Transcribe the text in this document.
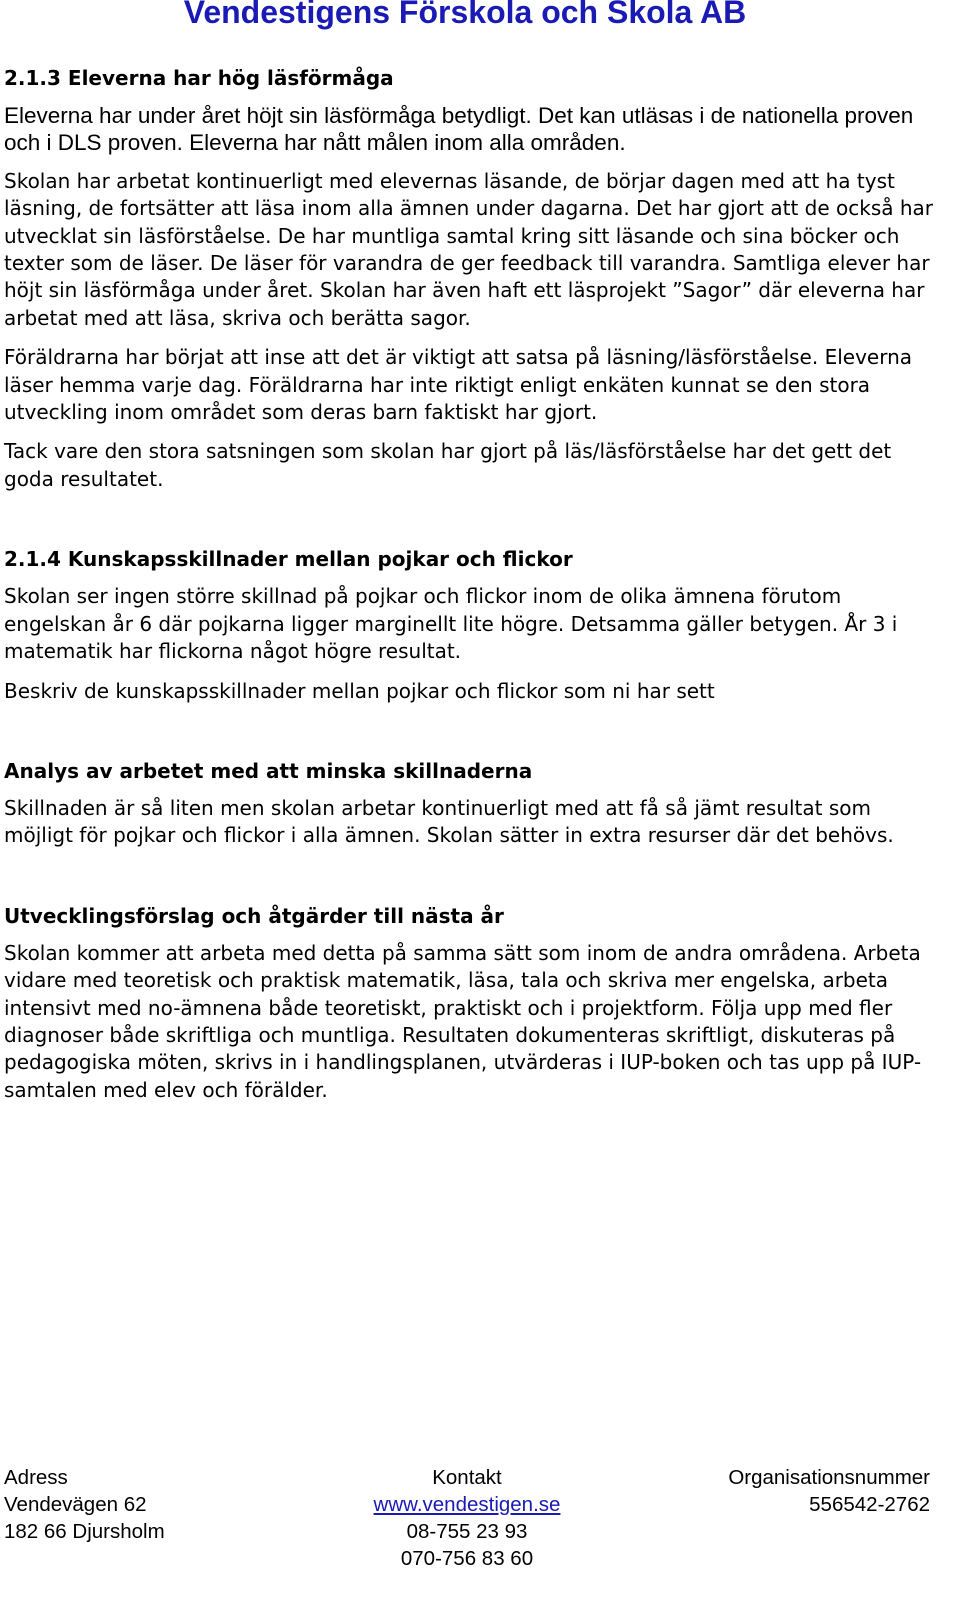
Vendestigens Förskola och Skola AB
2.1.3 Eleverna har hög läsförmåga

Eleverna har under året höjt sin läsförmåga betydligt. Det kan utläsas i de nationella proven och i DLS proven. Eleverna har nått målen inom alla områden.

Skolan har arbetat kontinuerligt med elevernas läsande, de börjar dagen med att ha tyst läsning, de fortsätter att läsa inom alla ämnen under dagarna. Det har gjort att de också har utvecklat sin läsförståelse. De har muntliga samtal kring sitt läsande och sina böcker och texter som de läser. De läser för varandra de ger feedback till varandra. Samtliga elever har höjt sin läsförmåga under året. Skolan har även haft ett läsprojekt ”Sagor” där eleverna har arbetat med att läsa, skriva och berätta sagor.

Föräldrarna har börjat att inse att det är viktigt att satsa på läsning/läsförståelse. Eleverna läser hemma varje dag. Föräldrarna har inte riktigt enligt enkäten kunnat se den stora utveckling inom området som deras barn faktiskt har gjort.

Tack vare den stora satsningen som skolan har gjort på läs/läsförståelse har det gett det goda resultatet.

2.1.4 Kunskapsskillnader mellan pojkar och flickor

Skolan ser ingen större skillnad på pojkar och flickor inom de olika ämnena förutom engelskan år 6 där pojkarna ligger marginellt lite högre. Detsamma gäller betygen. År 3 i matematik har flickorna något högre resultat.

Beskriv de kunskapsskillnader mellan pojkar och flickor som ni har sett

Analys av arbetet med att minska skillnaderna

Skillnaden är så liten men skolan arbetar kontinuerligt med att få så jämt resultat som möjligt för pojkar och flickor i alla ämnen. Skolan sätter in extra resurser där det behövs.

Utvecklingsförslag och åtgärder till nästa år

Skolan kommer att arbeta med detta på samma sätt som inom de andra områdena. Arbeta vidare med teoretisk och praktisk matematik, läsa, tala och skriva mer engelska, arbeta intensivt med no-ämnena både teoretiskt, praktiskt och i projektform. Följa upp med fler diagnoser både skriftliga och muntliga. Resultaten dokumenteras skriftligt, diskuteras på pedagogiska möten, skrivs in i handlingsplanen, utvärderas i IUP-boken och tas upp på IUP-samtalen med elev och förälder.

Adress
Vendevägen 62
182 66 Djursholm
Kontakt
www.vendestigen.se
08-755 23 93
070-756 83 60
Organisationsnummer
556542-2762
